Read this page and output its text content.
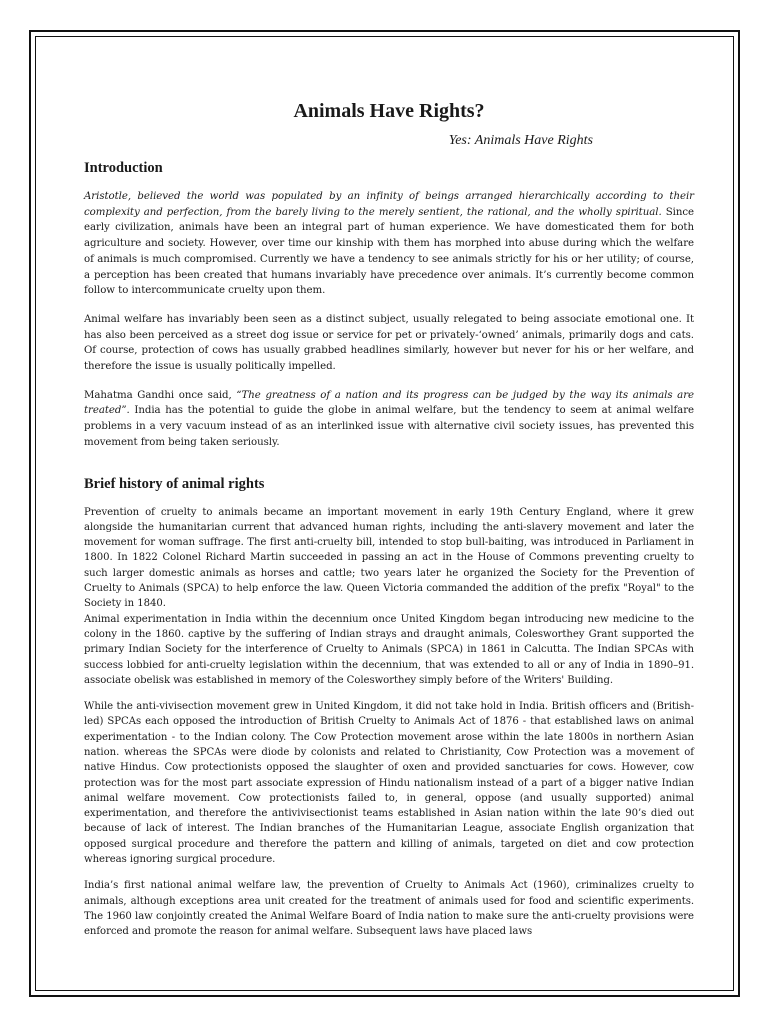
Animals Have Rights?
Yes: Animals Have Rights
Introduction

Aristotle, believed the world was populated by an infinity of beings arranged hierarchically according to their complexity and perfection, from the barely living to the merely sentient, the rational, and the wholly spiritual. Since early civilization, animals have been an integral part of human experience. We have domesticated them for both agriculture and society. However, over time our kinship with them has morphed into abuse during which the welfare of animals is much compromised. Currently we have a tendency to see animals strictly for his or her utility; of course, a perception has been created that humans invariably have precedence over animals. It’s currently become common follow to intercommunicate cruelty upon them.

Animal welfare has invariably been seen as a distinct subject, usually relegated to being associate emotional one. It has also been perceived as a street dog issue or service for pet or privately-‘owned’ animals, primarily dogs and cats. Of course, protection of cows has usually grabbed headlines similarly, however but never for his or her welfare, and therefore the issue is usually politically impelled.

Mahatma Gandhi once said, “The greatness of a nation and its progress can be judged by the way its animals are treated”. India has the potential to guide the globe in animal welfare, but the tendency to seem at animal welfare problems in a very vacuum instead of as an interlinked issue with alternative civil society issues, has prevented this movement from being taken seriously.

Brief history of animal rights

Prevention of cruelty to animals became an important movement in early 19th Century England, where it grew alongside the humanitarian current that advanced human rights, including the anti-slavery movement and later the movement for woman suffrage. The first anti-cruelty bill, intended to stop bull-baiting, was introduced in Parliament in 1800. In 1822 Colonel Richard Martin succeeded in passing an act in the House of Commons preventing cruelty to such larger domestic animals as horses and cattle; two years later he organized the Society for the Prevention of Cruelty to Animals (SPCA) to help enforce the law. Queen Victoria commanded the addition of the prefix "Royal" to the Society in 1840.

Animal experimentation in India within the decennium once United Kingdom began introducing new medicine to the colony in the 1860. captive by the suffering of Indian strays and draught animals, Colesworthey Grant supported the primary Indian Society for the interference of Cruelty to Animals (SPCA) in 1861 in Calcutta. The Indian SPCAs with success lobbied for anti-cruelty legislation within the decennium, that was extended to all or any of India in 1890–91. associate obelisk was established in memory of the Colesworthey simply before of the Writers' Building.

While the anti-vivisection movement grew in United Kingdom, it did not take hold in India. British officers and (British-led) SPCAs each opposed the introduction of British Cruelty to Animals Act of 1876 - that established laws on animal experimentation - to the Indian colony. The Cow Protection movement arose within the late 1800s in northern Asian nation. whereas the SPCAs were diode by colonists and related to Christianity, Cow Protection was a movement of native Hindus. Cow protectionists opposed the slaughter of oxen and provided sanctuaries for cows. However, cow protection was for the most part associate expression of Hindu nationalism instead of a part of a bigger native Indian animal welfare movement. Cow protectionists failed to, in general, oppose (and usually supported) animal experimentation, and therefore the antivivisectionist teams established in Asian nation within the late 90’s died out because of lack of interest. The Indian branches of the Humanitarian League, associate English organization that opposed surgical procedure and therefore the pattern and killing of animals, targeted on diet and cow protection whereas ignoring surgical procedure.

India’s first national animal welfare law, the prevention of Cruelty to Animals Act (1960), criminalizes cruelty to animals, although exceptions area unit created for the treatment of animals used for food and scientific experiments. The 1960 law conjointly created the Animal Welfare Board of India nation to make sure the anti-cruelty provisions were enforced and promote the reason for animal welfare. Subsequent laws have placed laws
